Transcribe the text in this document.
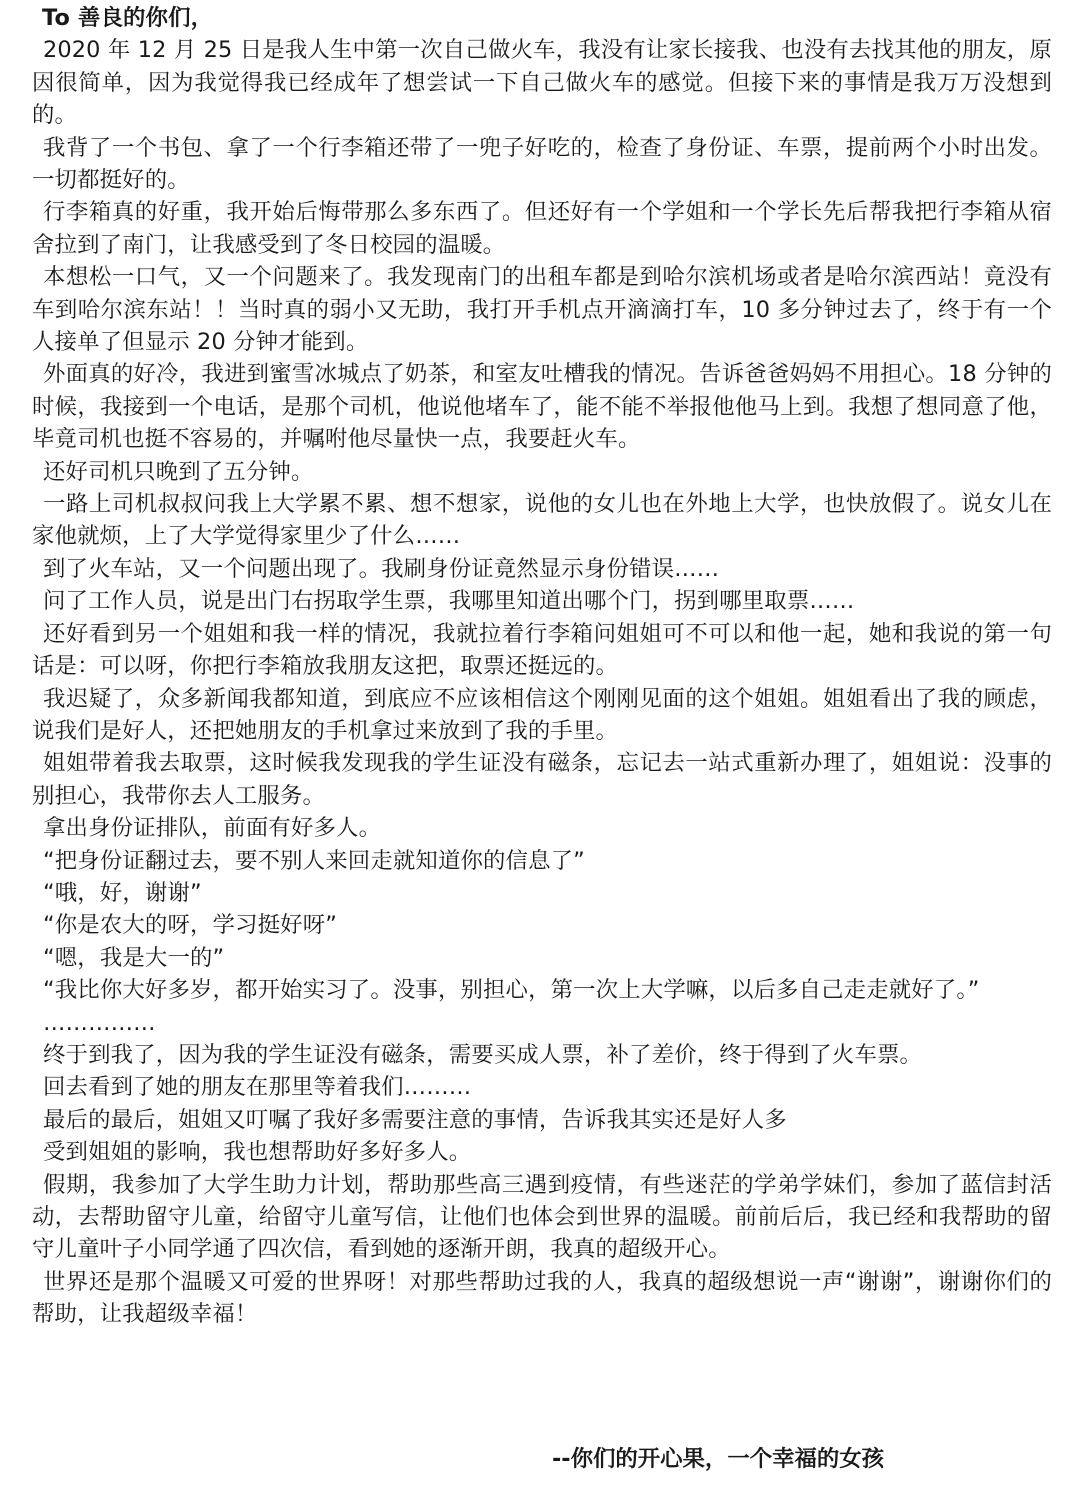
To 善良的你们，

2020 年 12 月 25 日是我人生中第一次自己做火车，我没有让家长接我、也没有去找其他的朋友，原因很简单，因为我觉得我已经成年了想尝试一下自己做火车的感觉。但接下来的事情是我万万没想到的。

我背了一个书包、拿了一个行李箱还带了一兜子好吃的，检查了身份证、车票，提前两个小时出发。一切都挺好的。

行李箱真的好重，我开始后悔带那么多东西了。但还好有一个学姐和一个学长先后帮我把行李箱从宿舍拉到了南门，让我感受到了冬日校园的温暖。

本想松一口气，又一个问题来了。我发现南门的出租车都是到哈尔滨机场或者是哈尔滨西站！竟没有车到哈尔滨东站！！当时真的弱小又无助，我打开手机点开滴滴打车，10 多分钟过去了，终于有一个人接单了但显示 20 分钟才能到。

外面真的好冷，我进到蜜雪冰城点了奶茶，和室友吐槽我的情况。告诉爸爸妈妈不用担心。18 分钟的时候，我接到一个电话，是那个司机，他说他堵车了，能不能不举报他他马上到。我想了想同意了他，毕竟司机也挺不容易的，并嘱咐他尽量快一点，我要赶火车。

还好司机只晚到了五分钟。

一路上司机叔叔问我上大学累不累、想不想家，说他的女儿也在外地上大学，也快放假了。说女儿在家他就烦，上了大学觉得家里少了什么……

到了火车站，又一个问题出现了。我刷身份证竟然显示身份错误……

问了工作人员，说是出门右拐取学生票，我哪里知道出哪个门，拐到哪里取票……

还好看到另一个姐姐和我一样的情况，我就拉着行李箱问姐姐可不可以和他一起，她和我说的第一句话是：可以呀，你把行李箱放我朋友这把，取票还挺远的。

我迟疑了，众多新闻我都知道，到底应不应该相信这个刚刚见面的这个姐姐。姐姐看出了我的顾虑，说我们是好人，还把她朋友的手机拿过来放到了我的手里。

姐姐带着我去取票，这时候我发现我的学生证没有磁条，忘记去一站式重新办理了，姐姐说：没事的别担心，我带你去人工服务。

拿出身份证排队，前面有好多人。

“把身份证翻过去，要不别人来回走就知道你的信息了”

“哦，好，谢谢”

“你是农大的呀，学习挺好呀”

“嗯，我是大一的”

“我比你大好多岁，都开始实习了。没事，别担心，第一次上大学嘛，以后多自己走走就好了。”

……………

终于到我了，因为我的学生证没有磁条，需要买成人票，补了差价，终于得到了火车票。

回去看到了她的朋友在那里等着我们………

最后的最后，姐姐又叮嘱了我好多需要注意的事情，告诉我其实还是好人多

受到姐姐的影响，我也想帮助好多好多人。

假期，我参加了大学生助力计划，帮助那些高三遇到疫情，有些迷茫的学弟学妹们，参加了蓝信封活动，去帮助留守儿童，给留守儿童写信，让他们也体会到世界的温暖。前前后后，我已经和我帮助的留守儿童叶子小同学通了四次信，看到她的逐渐开朗，我真的超级开心。

世界还是那个温暖又可爱的世界呀！对那些帮助过我的人，我真的超级想说一声“谢谢”，谢谢你们的帮助，让我超级幸福！

--你们的开心果，一个幸福的女孩
